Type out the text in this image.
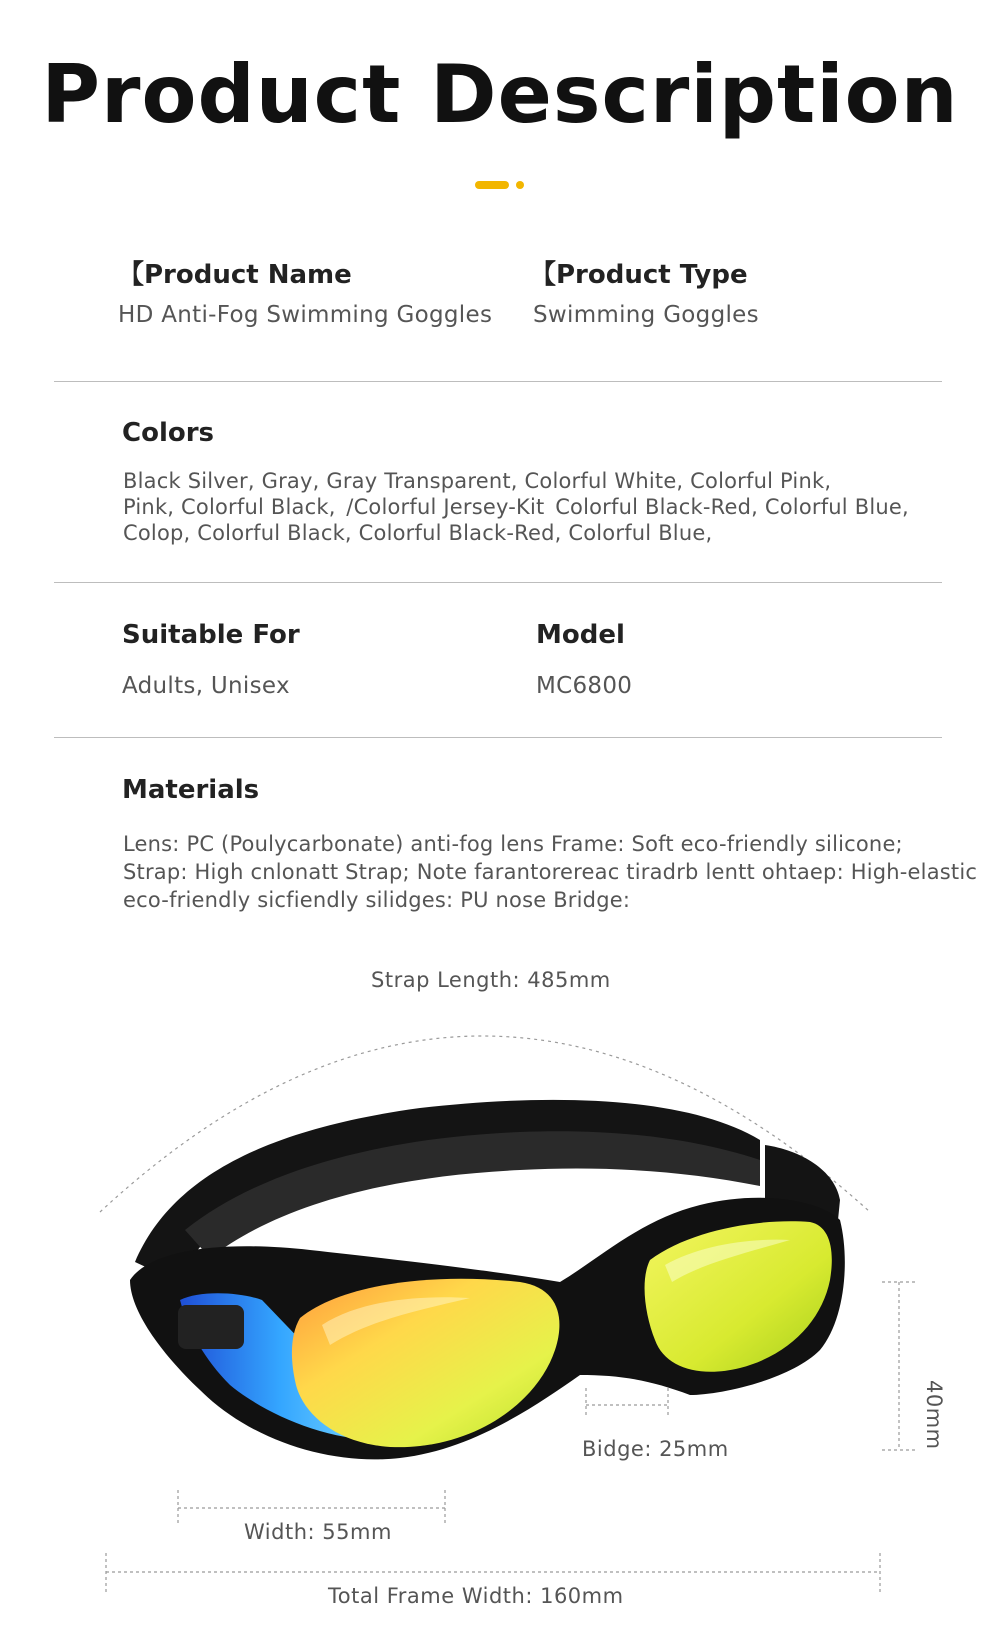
Product Description
【Product Name
HD Anti-Fog Swimming Goggles
【Product Type
Swimming Goggles
Colors
Black Silver, Gray, Gray Transparent, Colorful White, Colorful Pink,
Pink, Colorful Black, /Colorful Jersey-Kit Colorful Black-Red, Colorful Blue,
Colop, Colorful Black, Colorful Black-Red, Colorful Blue,
Suitable For
Adults, Unisex
Model
MC6800
Materials
Lens: PC (Poulycarbonate) anti-fog lens Frame: Soft eco-friendly silicone;
Strap: High cnlonatt Strap; Note farantorereac tiradrb lentt ohtaep: High-elastic
eco-friendly sicfiendly silidges: PU nose Bridge:
Strap Length: 485mm
Bidge: 25mm	40mm
Width: 55mm
Total Frame Width: 160mm
